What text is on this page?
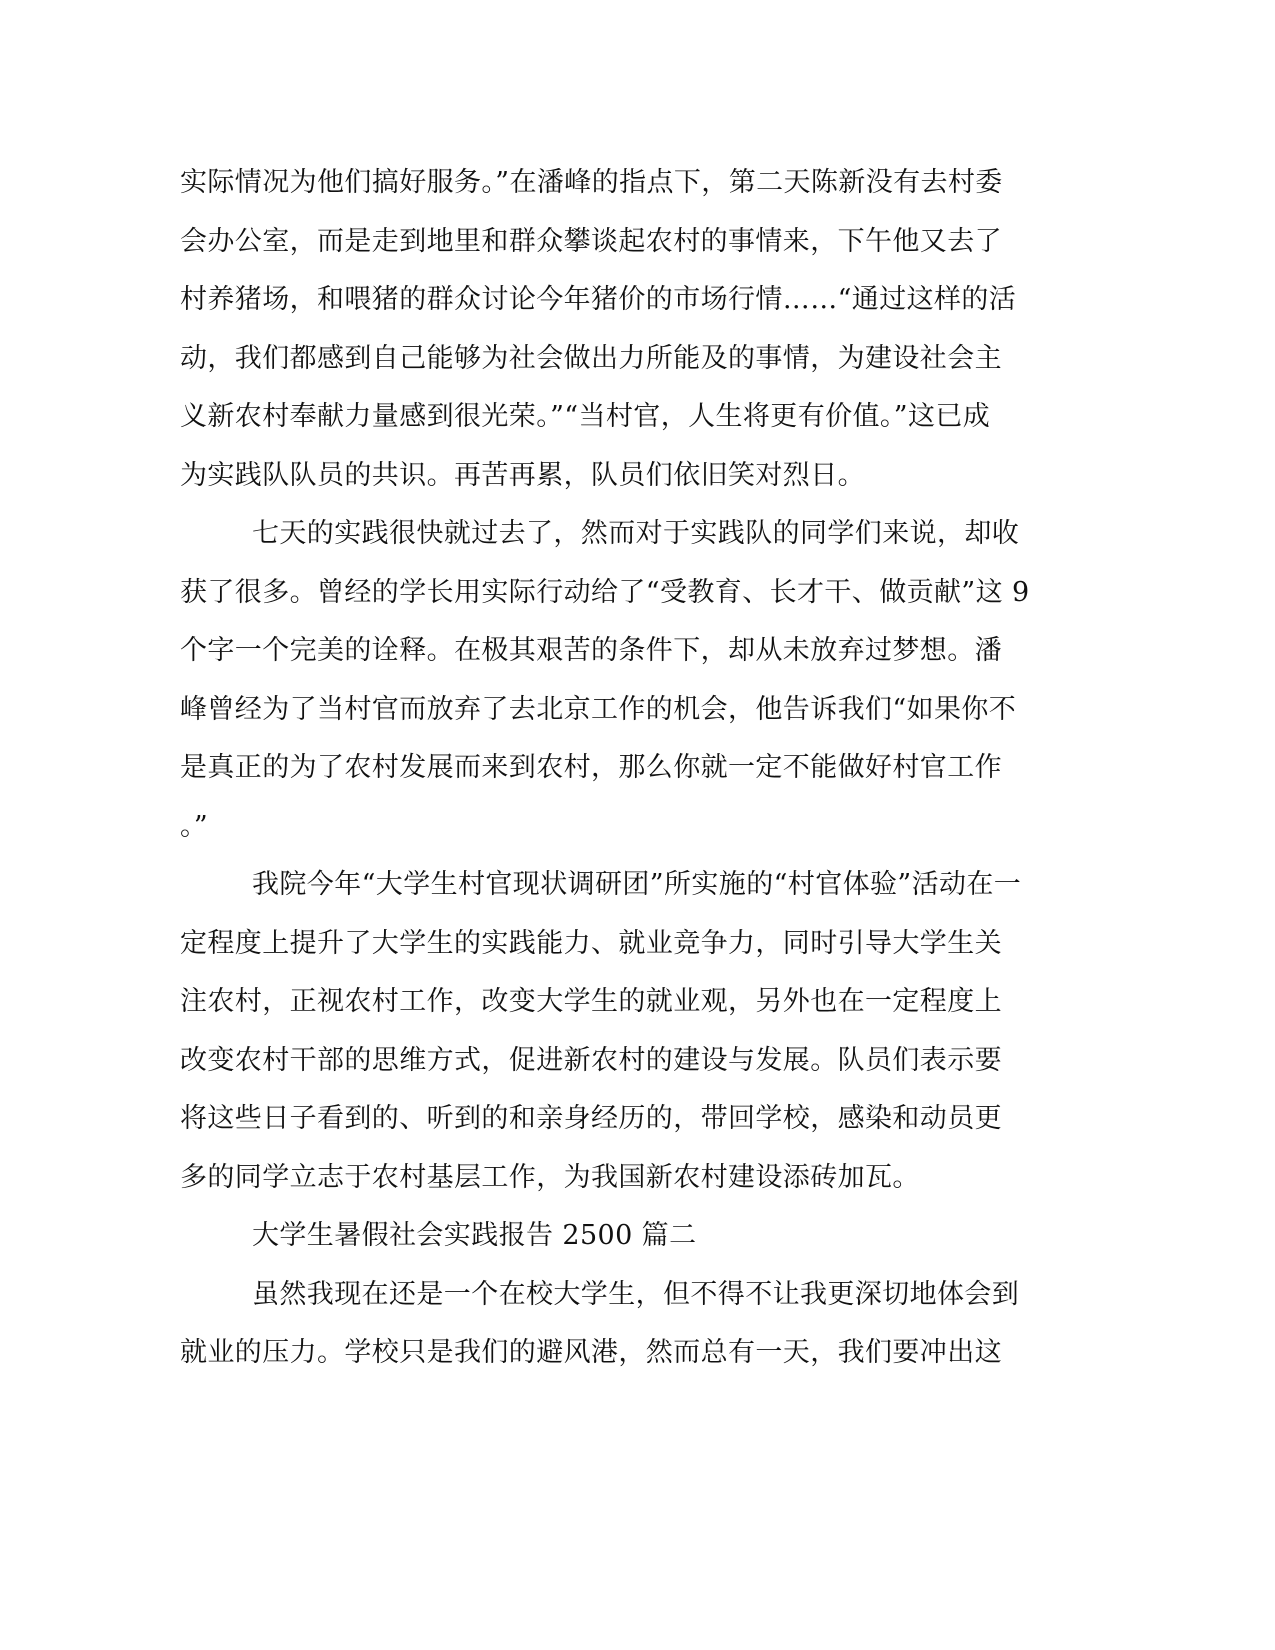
实际情况为他们搞好服务。”在潘峰的指点下，第二天陈新没有去村委
会办公室，而是走到地里和群众攀谈起农村的事情来，下午他又去了
村养猪场，和喂猪的群众讨论今年猪价的市场行情……“通过这样的活
动，我们都感到自己能够为社会做出力所能及的事情，为建设社会主
义新农村奉献力量感到很光荣。”“当村官，人生将更有价值。”这已成
为实践队队员的共识。再苦再累，队员们依旧笑对烈日。
七天的实践很快就过去了，然而对于实践队的同学们来说，却收
获了很多。曾经的学长用实际行动给了“受教育、长才干、做贡献”这 9
个字一个完美的诠释。在极其艰苦的条件下，却从未放弃过梦想。潘
峰曾经为了当村官而放弃了去北京工作的机会，他告诉我们“如果你不
是真正的为了农村发展而来到农村，那么你就一定不能做好村官工作
。”
我院今年“大学生村官现状调研团”所实施的“村官体验”活动在一
定程度上提升了大学生的实践能力、就业竞争力，同时引导大学生关
注农村，正视农村工作，改变大学生的就业观，另外也在一定程度上
改变农村干部的思维方式，促进新农村的建设与发展。队员们表示要
将这些日子看到的、听到的和亲身经历的，带回学校，感染和动员更
多的同学立志于农村基层工作，为我国新农村建设添砖加瓦。
大学生暑假社会实践报告 2500 篇二
虽然我现在还是一个在校大学生，但不得不让我更深切地体会到
就业的压力。学校只是我们的避风港，然而总有一天，我们要冲出这
